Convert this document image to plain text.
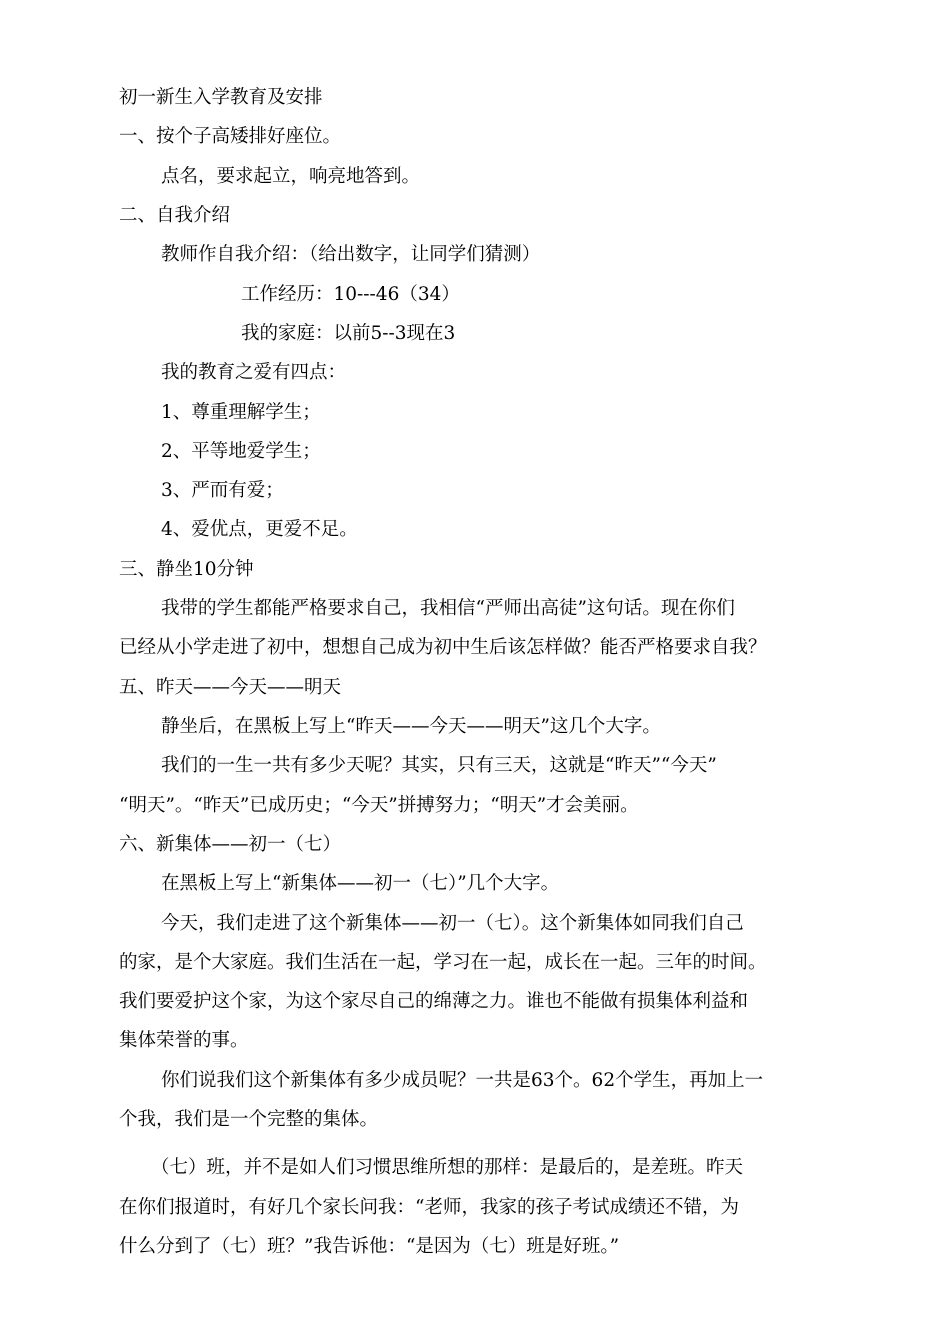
初一新生入学教育及安排
一、按个子高矮排好座位。
点名，要求起立，响亮地答到。
二、自我介绍
教师作自我介绍：（给出数字，让同学们猜测）
工作经历：10---46（34）
我的家庭：以前5--3现在3
我的教育之爱有四点：
1、尊重理解学生；
2、平等地爱学生；
3、严而有爱；
4、爱优点，更爱不足。
三、静坐10分钟
我带的学生都能严格要求自己，我相信“严师出高徒”这句话。现在你们
已经从小学走进了初中，想想自己成为初中生后该怎样做？能否严格要求自我？
五、昨天——今天——明天
静坐后，在黑板上写上“昨天——今天——明天”这几个大字。
我们的一生一共有多少天呢？其实，只有三天，这就是“昨天”“今天”
“明天”。“昨天”已成历史；“今天”拼搏努力；“明天”才会美丽。
六、新集体——初一（七）
在黑板上写上“新集体——初一（七）”几个大字。
今天，我们走进了这个新集体——初一（七）。这个新集体如同我们自己
的家，是个大家庭。我们生活在一起，学习在一起，成长在一起。三年的时间。
我们要爱护这个家，为这个家尽自己的绵薄之力。谁也不能做有损集体利益和
集体荣誉的事。
你们说我们这个新集体有多少成员呢？一共是63个。62个学生，再加上一
个我，我们是一个完整的集体。
（七）班，并不是如人们习惯思维所想的那样：是最后的，是差班。昨天
在你们报道时，有好几个家长问我：“老师，我家的孩子考试成绩还不错，为
什么分到了（七）班？”我告诉他：“是因为（七）班是好班。”
